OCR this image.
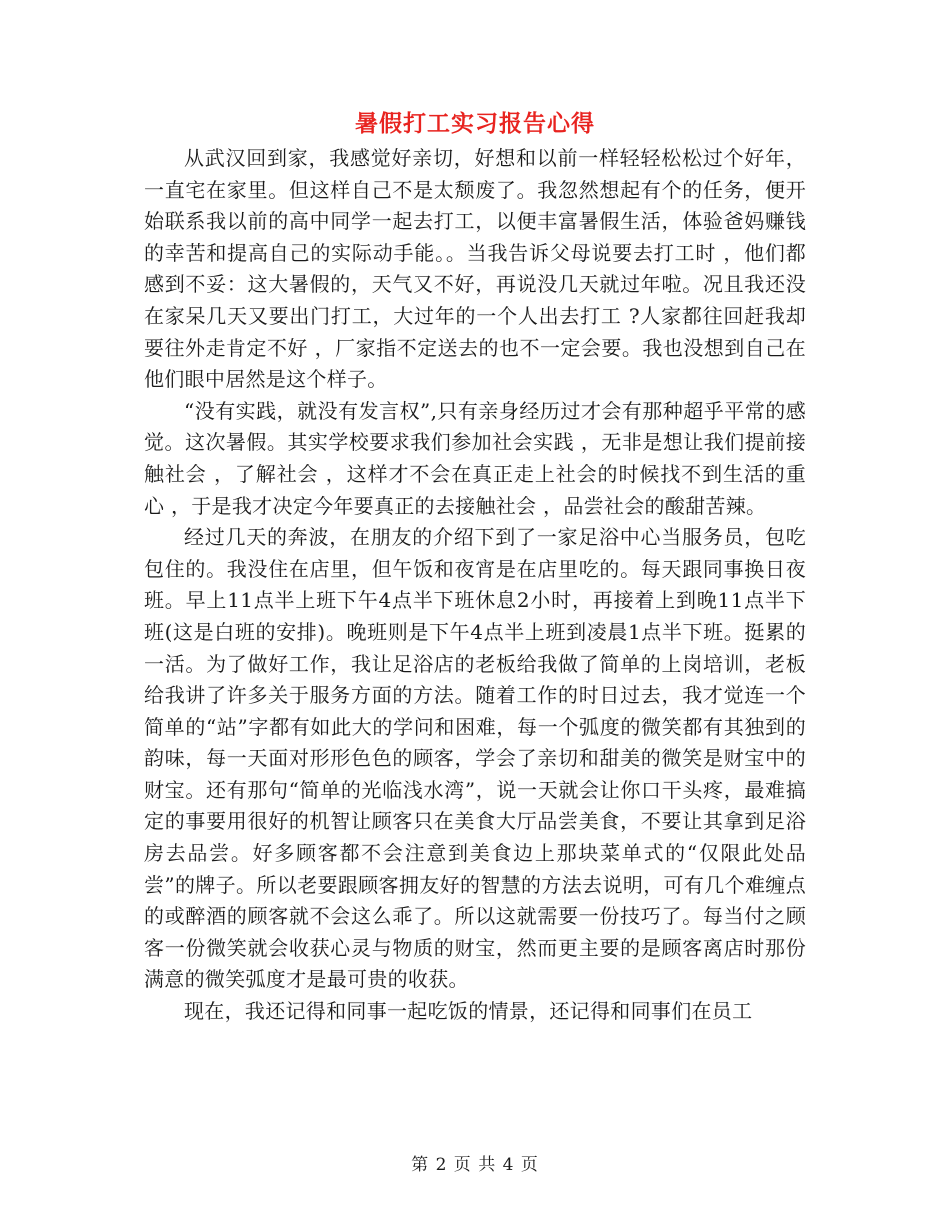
暑假打工实习报告心得

从武汉回到家，我感觉好亲切，好想和以前一样轻轻松松过个好年，一直宅在家里。但这样自己不是太颓废了。我忽然想起有个的任务，便开始联系我以前的高中同学一起去打工，以便丰富暑假生活，体验爸妈赚钱的幸苦和提高自己的实际动手能。。当我告诉父母说要去打工时 ，他们都感到不妥：这大暑假的，天气又不好，再说没几天就过年啦。况且我还没在家呆几天又要出门打工，大过年的一个人出去打工 ?人家都往回赶我却要往外走肯定不好 ，厂家指不定送去的也不一定会要。我也没想到自己在他们眼中居然是这个样子。

“没有实践，就没有发言权”,只有亲身经历过才会有那种超乎平常的感觉。这次暑假。其实学校要求我们参加社会实践 ，无非是想让我们提前接触社会 ，了解社会 ，这样才不会在真正走上社会的时候找不到生活的重心 ，于是我才决定今年要真正的去接触社会 ，品尝社会的酸甜苦辣。

经过几天的奔波，在朋友的介绍下到了一家足浴中心当服务员，包吃包住的。我没住在店里，但午饭和夜宵是在店里吃的。每天跟同事换日夜班。早上11点半上班下午4点半下班休息2小时，再接着上到晚11点半下班(这是白班的安排)。晚班则是下午4点半上班到凌晨1点半下班。挺累的一活。为了做好工作，我让足浴店的老板给我做了简单的上岗培训，老板给我讲了许多关于服务方面的方法。随着工作的时日过去，我才觉连一个简单的“站”字都有如此大的学问和困难，每一个弧度的微笑都有其独到的韵味，每一天面对形形色色的顾客，学会了亲切和甜美的微笑是财宝中的财宝。还有那句“简单的光临浅水湾”，说一天就会让你口干头疼，最难搞定的事要用很好的机智让顾客只在美食大厅品尝美食，不要让其拿到足浴房去品尝。好多顾客都不会注意到美食边上那块菜单式的“仅限此处品尝”的牌子。所以老要跟顾客拥友好的智慧的方法去说明，可有几个难缠点的或醉酒的顾客就不会这么乖了。所以这就需要一份技巧了。每当付之顾客一份微笑就会收获心灵与物质的财宝，然而更主要的是顾客离店时那份满意的微笑弧度才是最可贵的收获。

现在，我还记得和同事一起吃饭的情景，还记得和同事们在员工

第 2 页 共 4 页
